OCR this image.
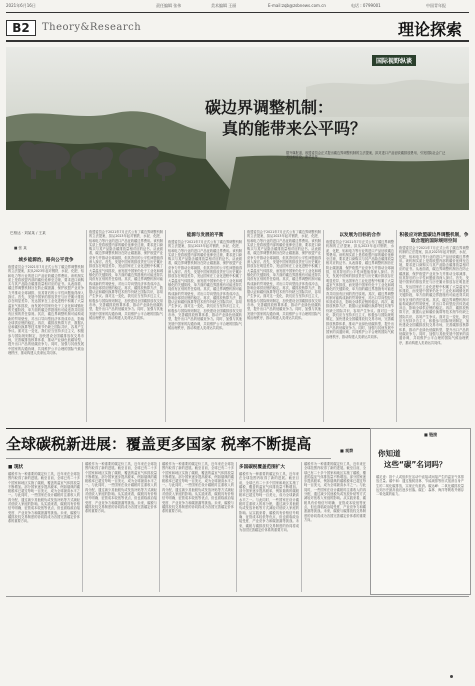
2021年6月16日	责任编辑 张伟	美术编辑 王丽	E-mail:zqb@zsbnews.com.cn	电话 : 0799001	中国青年报
B2	Theory&Research	理论探索
国际视野纵谈
碳边界调整机制：
真的能带来公平吗？
据外媒报道，欧盟委员会正式提出碳边界调整机制的立法提案，拟对进口产品征收碳排放费用，引发国际社会广泛关注和讨论。新华社发
巴格达 · 刘某某 / 王某
■ 张 某
城乡能源治，路向公平竞争
欧盟委员会于2021年7月正式公布了碳边界调整机制的立法提案，拟从2023年起对钢铁、水泥、化肥、铝和电力等行业的进口产品征收碳边界费用。该机制实质上是将欧盟内部的碳价延伸至边境，要求进口商购买与其产品隐含碳排放量相对应的证书。从表面看，碳边界调整机制旨在防止碳泄漏、保护欧盟产业竞争力并推动全球减排，但其背后的公平性问题值得深入探讨。首先，发展中国家的排放责任与历史累计排放存在明显差异，发达国家在工业化进程中积累了大量温室气体排放，而发展中国家仍处于工业化和城镇化的关键阶段，单方面的碳边界措施有可能违背共同但有区别的责任原则。其次，碳边界调整机制可能构成新的贸易壁垒，对出口导向型经济体造成冲击，影响全球供应链的稳定。再次，碳排放核算方法、数据认证和碳价换算等技术细节仍缺乏国际共识，容易产生争议。面对这一变化，我们应当坚持多边主义，积极参与国际规则制定，加快建设全国碳排放权交易市场，完善碳排放核算体系，推动产业绿色低碳转型，提升出口产品的低碳竞争力。同时，加强与其他发展中国家的沟通协调，共同维护公平合理的国际气候治理秩序，推动构建人类命运共同体。
欧盟委员会于2021年7月正式公布了碳边界调整机制的立法提案，拟从2023年起对钢铁、水泥、化肥、铝和电力等行业的进口产品征收碳边界费用。该机制实质上是将欧盟内部的碳价延伸至边境，要求进口商购买与其产品隐含碳排放量相对应的证书。从表面看，碳边界调整机制旨在防止碳泄漏、保护欧盟产业竞争力并推动全球减排，但其背后的公平性问题值得深入探讨。首先，发展中国家的排放责任与历史累计排放存在明显差异，发达国家在工业化进程中积累了大量温室气体排放，而发展中国家仍处于工业化和城镇化的关键阶段，单方面的碳边界措施有可能违背共同但有区别的责任原则。其次，碳边界调整机制可能构成新的贸易壁垒，对出口导向型经济体造成冲击，影响全球供应链的稳定。再次，碳排放核算方法、数据认证和碳价换算等技术细节仍缺乏国际共识，容易产生争议。面对这一变化，我们应当坚持多边主义，积极参与国际规则制定，加快建设全国碳排放权交易市场，完善碳排放核算体系，推动产业绿色低碳转型，提升出口产品的低碳竞争力。同时，加强与其他发展中国家的沟通协调，共同维护公平合理的国际气候治理秩序，推动构建人类命运共同体。
能源与发展的平衡
欧盟委员会于2021年7月正式公布了碳边界调整机制的立法提案，拟从2023年起对钢铁、水泥、化肥、铝和电力等行业的进口产品征收碳边界费用。该机制实质上是将欧盟内部的碳价延伸至边境，要求进口商购买与其产品隐含碳排放量相对应的证书。从表面看，碳边界调整机制旨在防止碳泄漏、保护欧盟产业竞争力并推动全球减排，但其背后的公平性问题值得深入探讨。首先，发展中国家的排放责任与历史累计排放存在明显差异，发达国家在工业化进程中积累了大量温室气体排放，而发展中国家仍处于工业化和城镇化的关键阶段，单方面的碳边界措施有可能违背共同但有区别的责任原则。其次，碳边界调整机制可能构成新的贸易壁垒，对出口导向型经济体造成冲击，影响全球供应链的稳定。再次，碳排放核算方法、数据认证和碳价换算等技术细节仍缺乏国际共识，容易产生争议。面对这一变化，我们应当坚持多边主义，积极参与国际规则制定，加快建设全国碳排放权交易市场，完善碳排放核算体系，推动产业绿色低碳转型，提升出口产品的低碳竞争力。同时，加强与其他发展中国家的沟通协调，共同维护公平合理的国际气候治理秩序，推动构建人类命运共同体。
欧盟委员会于2021年7月正式公布了碳边界调整机制的立法提案，拟从2023年起对钢铁、水泥、化肥、铝和电力等行业的进口产品征收碳边界费用。该机制实质上是将欧盟内部的碳价延伸至边境，要求进口商购买与其产品隐含碳排放量相对应的证书。从表面看，碳边界调整机制旨在防止碳泄漏、保护欧盟产业竞争力并推动全球减排，但其背后的公平性问题值得深入探讨。首先，发展中国家的排放责任与历史累计排放存在明显差异，发达国家在工业化进程中积累了大量温室气体排放，而发展中国家仍处于工业化和城镇化的关键阶段，单方面的碳边界措施有可能违背共同但有区别的责任原则。其次，碳边界调整机制可能构成新的贸易壁垒，对出口导向型经济体造成冲击，影响全球供应链的稳定。再次，碳排放核算方法、数据认证和碳价换算等技术细节仍缺乏国际共识，容易产生争议。面对这一变化，我们应当坚持多边主义，积极参与国际规则制定，加快建设全国碳排放权交易市场，完善碳排放核算体系，推动产业绿色低碳转型，提升出口产品的低碳竞争力。同时，加强与其他发展中国家的沟通协调，共同维护公平合理的国际气候治理秩序，推动构建人类命运共同体。
以发展为目标的合作
欧盟委员会于2021年7月正式公布了碳边界调整机制的立法提案，拟从2023年起对钢铁、水泥、化肥、铝和电力等行业的进口产品征收碳边界费用。该机制实质上是将欧盟内部的碳价延伸至边境，要求进口商购买与其产品隐含碳排放量相对应的证书。从表面看，碳边界调整机制旨在防止碳泄漏、保护欧盟产业竞争力并推动全球减排，但其背后的公平性问题值得深入探讨。首先，发展中国家的排放责任与历史累计排放存在明显差异，发达国家在工业化进程中积累了大量温室气体排放，而发展中国家仍处于工业化和城镇化的关键阶段，单方面的碳边界措施有可能违背共同但有区别的责任原则。其次，碳边界调整机制可能构成新的贸易壁垒，对出口导向型经济体造成冲击，影响全球供应链的稳定。再次，碳排放核算方法、数据认证和碳价换算等技术细节仍缺乏国际共识，容易产生争议。面对这一变化，我们应当坚持多边主义，积极参与国际规则制定，加快建设全国碳排放权交易市场，完善碳排放核算体系，推动产业绿色低碳转型，提升出口产品的低碳竞争力。同时，加强与其他发展中国家的沟通协调，共同维护公平合理的国际气候治理秩序，推动构建人类命运共同体。
积极应对欧盟碳边界调整机制，争取合理的国际规则空间
欧盟委员会于2021年7月正式公布了碳边界调整机制的立法提案，拟从2023年起对钢铁、水泥、化肥、铝和电力等行业的进口产品征收碳边界费用。该机制实质上是将欧盟内部的碳价延伸至边境，要求进口商购买与其产品隐含碳排放量相对应的证书。从表面看，碳边界调整机制旨在防止碳泄漏、保护欧盟产业竞争力并推动全球减排，但其背后的公平性问题值得深入探讨。首先，发展中国家的排放责任与历史累计排放存在明显差异，发达国家在工业化进程中积累了大量温室气体排放，而发展中国家仍处于工业化和城镇化的关键阶段，单方面的碳边界措施有可能违背共同但有区别的责任原则。其次，碳边界调整机制可能构成新的贸易壁垒，对出口导向型经济体造成冲击，影响全球供应链的稳定。再次，碳排放核算方法、数据认证和碳价换算等技术细节仍缺乏国际共识，容易产生争议。面对这一变化，我们应当坚持多边主义，积极参与国际规则制定，加快建设全国碳排放权交易市场，完善碳排放核算体系，推动产业绿色低碳转型，提升出口产品的低碳竞争力。同时，加强与其他发展中国家的沟通协调，共同维护公平合理的国际气候治理秩序，推动构建人类命运共同体。
全球碳税新进展：覆盖更多国家 税率不断提高	■ 观察
■ 现状
碳税作为一种重要的碳定价工具，近年来在全球范围内取得了新的进展。截至目前，全球已有二十多个国家和地区实施了碳税，覆盖的温室气体排放量不断增加。部分国家逐步提高税率，例如瑞典的碳税税率已超过每吨一百美元，成为全球最高水平之一。与此同时，一些国家在设计碳税时注重收入的再分配，通过减少其他税负或发放补贴等方式减轻对低收入家庭的影响。从实践来看，碳税具有价格信号明确、征管成本较低等优点，但也面临政治接受度、产业竞争力和碳泄漏等挑战。未来，碳税与碳排放权交易制度的协同将成为各国完善碳定价体系的重要方向。
碳税作为一种重要的碳定价工具，近年来在全球范围内取得了新的进展。截至目前，全球已有二十多个国家和地区实施了碳税，覆盖的温室气体排放量不断增加。部分国家逐步提高税率，例如瑞典的碳税税率已超过每吨一百美元，成为全球最高水平之一。与此同时，一些国家在设计碳税时注重收入的再分配，通过减少其他税负或发放补贴等方式减轻对低收入家庭的影响。从实践来看，碳税具有价格信号明确、征管成本较低等优点，但也面临政治接受度、产业竞争力和碳泄漏等挑战。未来，碳税与碳排放权交易制度的协同将成为各国完善碳定价体系的重要方向。
碳税作为一种重要的碳定价工具，近年来在全球范围内取得了新的进展。截至目前，全球已有二十多个国家和地区实施了碳税，覆盖的温室气体排放量不断增加。部分国家逐步提高税率，例如瑞典的碳税税率已超过每吨一百美元，成为全球最高水平之一。与此同时，一些国家在设计碳税时注重收入的再分配，通过减少其他税负或发放补贴等方式减轻对低收入家庭的影响。从实践来看，碳税具有价格信号明确、征管成本较低等优点，但也面临政治接受度、产业竞争力和碳泄漏等挑战。未来，碳税与碳排放权交易制度的协同将成为各国完善碳定价体系的重要方向。
多国碳税覆盖范围扩大
碳税作为一种重要的碳定价工具，近年来在全球范围内取得了新的进展。截至目前，全球已有二十多个国家和地区实施了碳税，覆盖的温室气体排放量不断增加。部分国家逐步提高税率，例如瑞典的碳税税率已超过每吨一百美元，成为全球最高水平之一。与此同时，一些国家在设计碳税时注重收入的再分配，通过减少其他税负或发放补贴等方式减轻对低收入家庭的影响。从实践来看，碳税具有价格信号明确、征管成本较低等优点，但也面临政治接受度、产业竞争力和碳泄漏等挑战。未来，碳税与碳排放权交易制度的协同将成为各国完善碳定价体系的重要方向。
碳税作为一种重要的碳定价工具，近年来在全球范围内取得了新的进展。截至目前，全球已有二十多个国家和地区实施了碳税，覆盖的温室气体排放量不断增加。部分国家逐步提高税率，例如瑞典的碳税税率已超过每吨一百美元，成为全球最高水平之一。与此同时，一些国家在设计碳税时注重收入的再分配，通过减少其他税负或发放补贴等方式减轻对低收入家庭的影响。从实践来看，碳税具有价格信号明确、征管成本较低等优点，但也面临政治接受度、产业竞争力和碳泄漏等挑战。未来，碳税与碳排放权交易制度的协同将成为各国完善碳定价体系的重要方向。
■ 链接
你知道
这些“碳”名词吗？
碳足迹：指个人或组织在活动中直接或间接产生的温室气体排放总量。碳中和：通过植树造林、节能减排等形式抵消自身产生的二氧化碳排放，实现正负抵消。碳达峰：二氧化碳排放量达到历史最高值后逐步回落。碳汇：森林、海洋等吸收并储存二氧化碳的能力。
